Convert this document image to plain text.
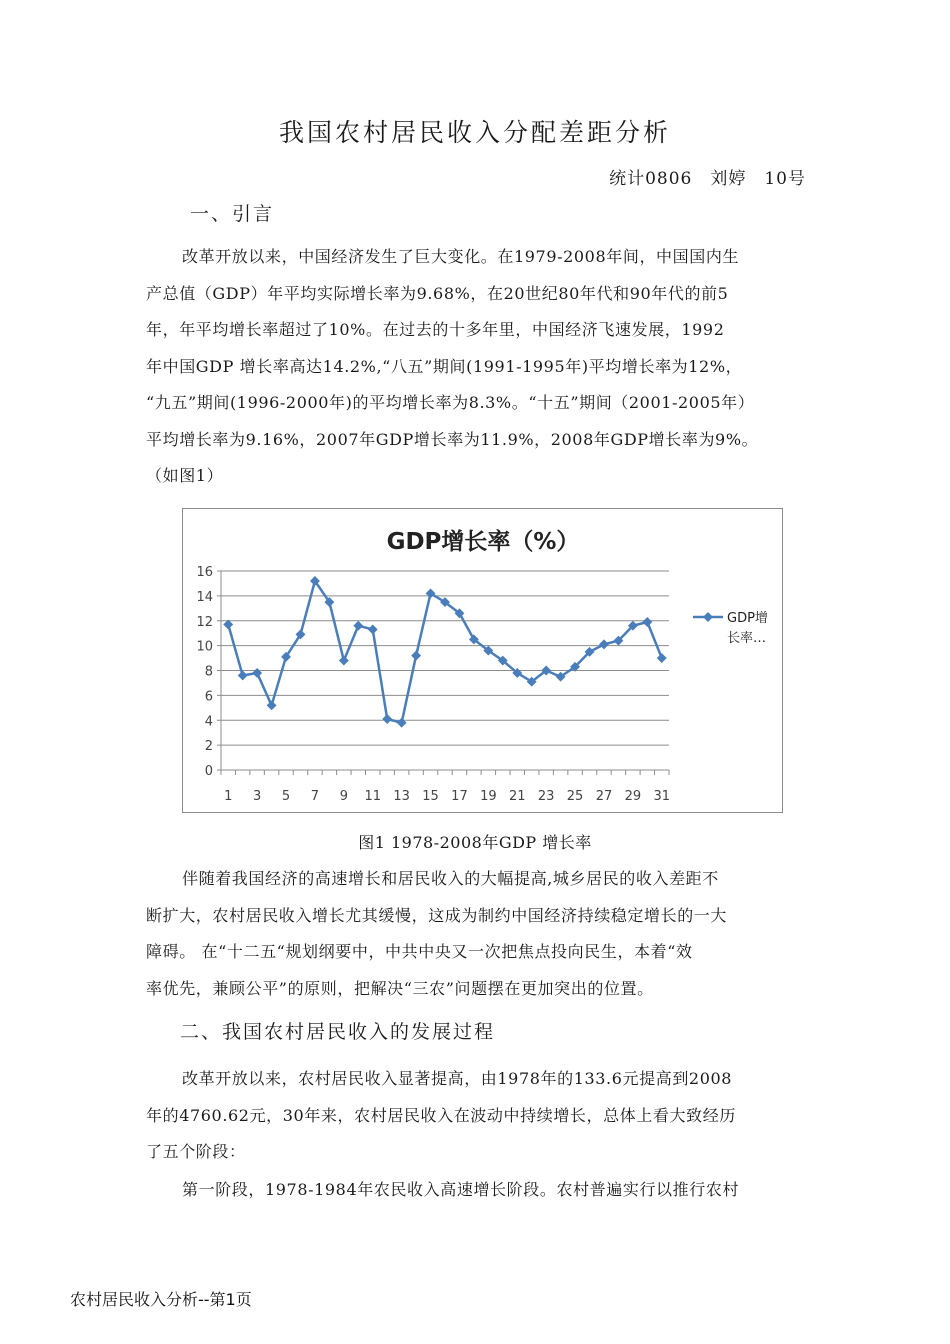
我国农村居民收入分配差距分析
统计0806 刘婷 10号
一、引言
改革开放以来，中国经济发生了巨大变化。在1979-2008年间，中国国内生
产总值（GDP）年平均实际增长率为9.68%，在20世纪80年代和90年代的前5
年，年平均增长率超过了10%。在过去的十多年里，中国经济飞速发展，1992
年中国GDP 增长率高达14.2%,“八五”期间(1991-1995年)平均增长率为12%，
“九五”期间(1996-2000年)的平均增长率为8.3%。“十五”期间（2001-2005年）
平均增长率为9.16%，2007年GDP增长率为11.9%，2008年GDP增长率为9%。
（如图1）
GDP增长率（%）
0
2
4
6
8
10
12
14
16
1 3 5 7 9 11 13 15 17 19 21 23 25 27 29 31
GDP增
长率…
图1 1978-2008年GDP 增长率
伴随着我国经济的高速增长和居民收入的大幅提高,城乡居民的收入差距不
断扩大，农村居民收入增长尤其缓慢，这成为制约中国经济持续稳定增长的一大
障碍。 在“十二五“规划纲要中，中共中央又一次把焦点投向民生，本着“效
率优先，兼顾公平”的原则，把解决“三农”问题摆在更加突出的位置。
二、我国农村居民收入的发展过程
改革开放以来，农村居民收入显著提高，由1978年的133.6元提高到2008
年的4760.62元，30年来，农村居民收入在波动中持续增长，总体上看大致经历
了五个阶段：
第一阶段，1978-1984年农民收入高速增长阶段。农村普遍实行以推行农村
农村居民收入分析--第1页
